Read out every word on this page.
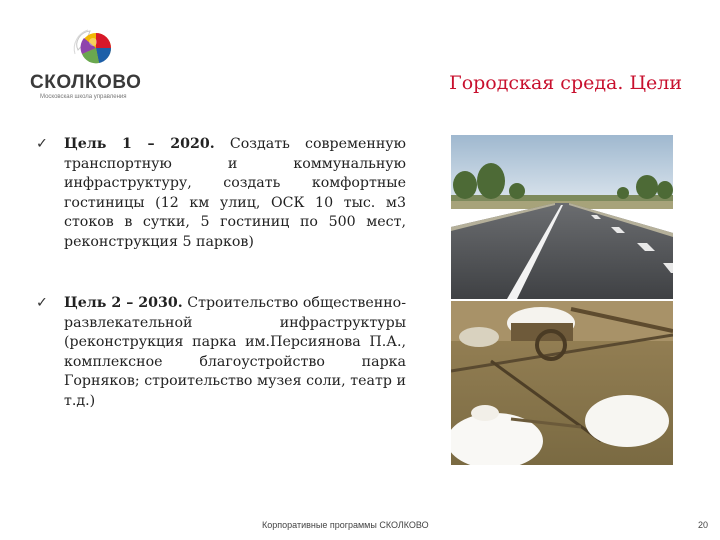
СКОЛКОВО
Московская школа управления
Городская среда. Цели
✓ Цель 1 – 2020. Создать современную транспортную и коммунальную инфраструктуру, создать комфортные гостиницы (12 км улиц, ОСК 10 тыс. м3 стоков в сутки, 5 гостиниц по 500 мест, реконструкция 5 парков)
✓ Цель 2 – 2030. Строительство общественно-развлекательной инфраструктуры (реконструкция парка им.Персиянова П.А., комплексное благоустройство парка Горняков; строительство музея соли, театр и т.д.)
Корпоративные программы СКОЛКОВО	20
